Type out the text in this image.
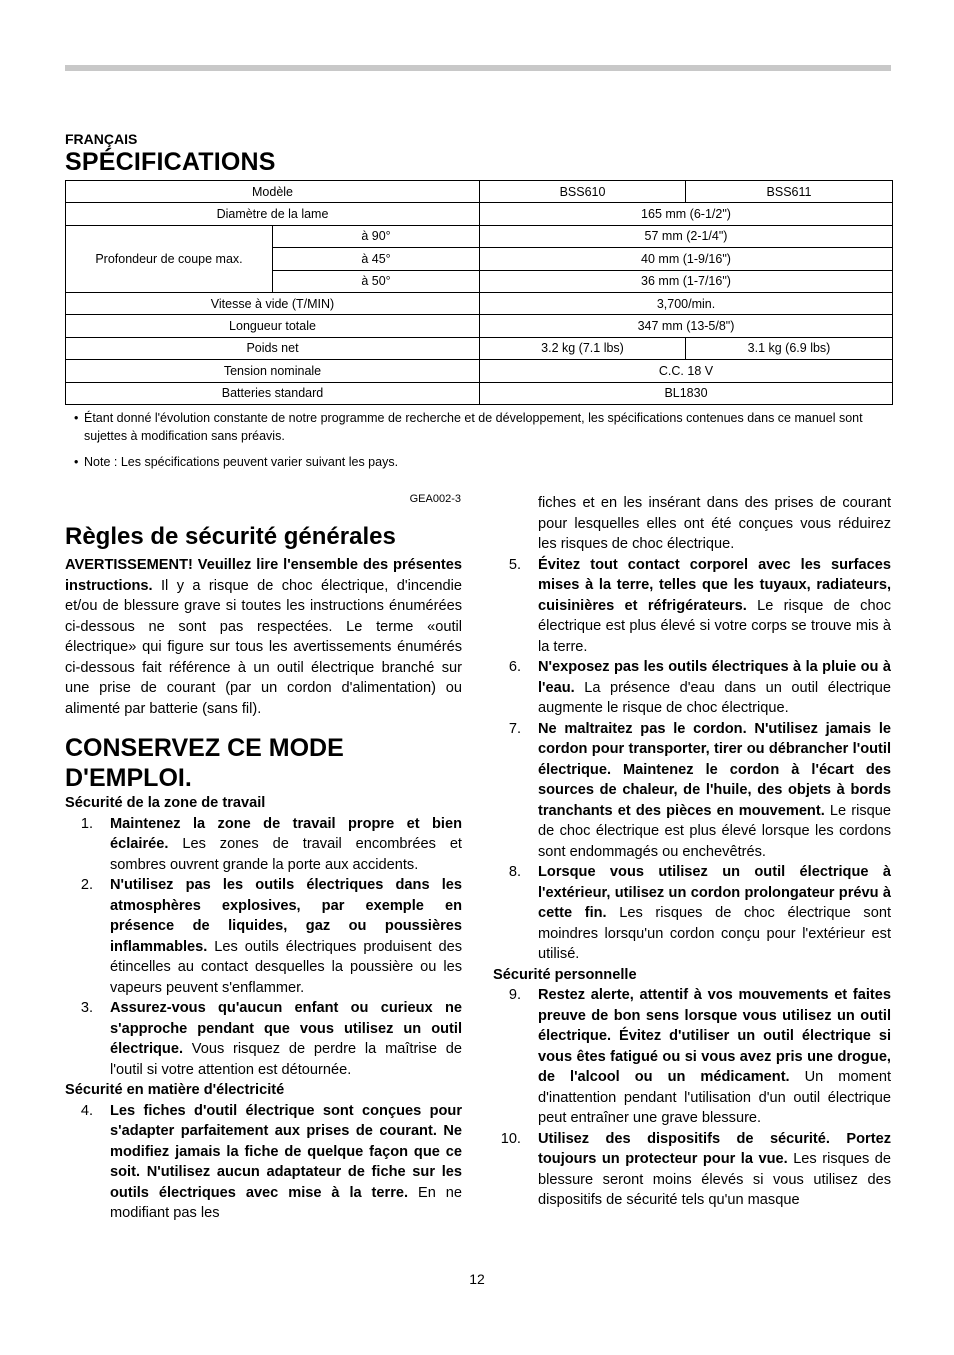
FRANÇAIS
SPÉCIFICATIONS
Modèle		BSS610	BSS611
Diamètre de la lame		165 mm (6-1/2")	
Profondeur de coupe max.	à 90°	57 mm (2-1/4")	
	à 45°	40 mm (1-9/16")	
	à 50°	36 mm (1-7/16")	
Vitesse à vide (T/MIN)		3,700/min.	
Longueur totale		347 mm (13-5/8")	
Poids net		3.2 kg (7.1 lbs)	3.1 kg (6.9 lbs)
Tension nominale		C.C. 18 V	
Batteries standard		BL1830	
• Étant donné l'évolution constante de notre programme de recherche et de développement, les spécifications contenues dans ce manuel sont sujettes à modification sans préavis.
• Note : Les spécifications peuvent varier suivant les pays.
GEA002-3
Règles de sécurité générales

AVERTISSEMENT! Veuillez lire l'ensemble des présentes instructions. Il y a risque de choc électrique, d'incendie et/ou de blessure grave si toutes les instructions énumérées ci-dessous ne sont pas respectées. Le terme «outil électrique» qui figure sur tous les avertissements énumérés ci-dessous fait référence à un outil électrique branché sur une prise de courant (par un cordon d'alimentation) ou alimenté par batterie (sans fil).

CONSERVEZ CE MODE
D'EMPLOI.

Sécurité de la zone de travail

1. Maintenez la zone de travail propre et bien éclairée. Les zones de travail encombrées et sombres ouvrent grande la porte aux accidents.

2. N'utilisez pas les outils électriques dans les atmosphères explosives, par exemple en présence de liquides, gaz ou poussières inflammables. Les outils électriques produisent des étincelles au contact desquelles la poussière ou les vapeurs peuvent s'enflammer.

3. Assurez-vous qu'aucun enfant ou curieux ne s'approche pendant que vous utilisez un outil électrique. Vous risquez de perdre la maîtrise de l'outil si votre attention est détournée.

Sécurité en matière d'électricité

4. Les fiches d'outil électrique sont conçues pour s'adapter parfaitement aux prises de courant. Ne modifiez jamais la fiche de quelque façon que ce soit. N'utilisez aucun adaptateur de fiche sur les outils électriques avec mise à la terre. En ne modifiant pas les

fiches et en les insérant dans des prises de courant pour lesquelles elles ont été conçues vous réduirez les risques de choc électrique.

5. Évitez tout contact corporel avec les surfaces mises à la terre, telles que les tuyaux, radiateurs, cuisinières et réfrigérateurs. Le risque de choc électrique est plus élevé si votre corps se trouve mis à la terre.

6. N'exposez pas les outils électriques à la pluie ou à l'eau. La présence d'eau dans un outil électrique augmente le risque de choc électrique.

7. Ne maltraitez pas le cordon. N'utilisez jamais le cordon pour transporter, tirer ou débrancher l'outil électrique. Maintenez le cordon à l'écart des sources de chaleur, de l'huile, des objets à bords tranchants et des pièces en mouvement. Le risque de choc électrique est plus élevé lorsque les cordons sont endommagés ou enchevêtrés.

8. Lorsque vous utilisez un outil électrique à l'extérieur, utilisez un cordon prolongateur prévu à cette fin. Les risques de choc électrique sont moindres lorsqu'un cordon conçu pour l'extérieur est utilisé.

Sécurité personnelle

9. Restez alerte, attentif à vos mouvements et faites preuve de bon sens lorsque vous utilisez un outil électrique. Évitez d'utiliser un outil électrique si vous êtes fatigué ou si vous avez pris une drogue, de l'alcool ou un médicament. Un moment d'inattention pendant l'utilisation d'un outil électrique peut entraîner une grave blessure.

10. Utilisez des dispositifs de sécurité. Portez toujours un protecteur pour la vue. Les risques de blessure seront moins élevés si vous utilisez des dispositifs de sécurité tels qu'un masque

12
